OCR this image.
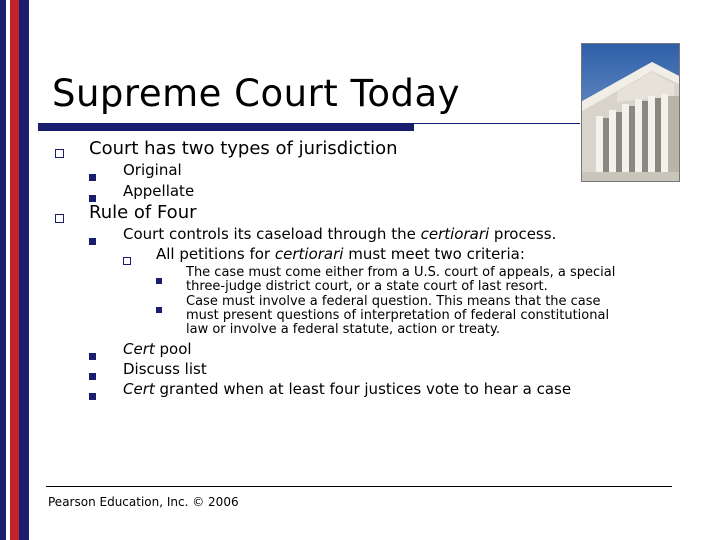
Supreme Court Today
Court has two types of jurisdiction
Original
Appellate
Rule of Four
Court controls its caseload through the certiorari process.
All petitions for certiorari must meet two criteria:
The case must come either from a U.S. court of appeals, a special
three-judge district court, or a state court of last resort.
Case must involve a federal question. This means that the case
must present questions of interpretation of federal constitutional
law or involve a federal statute, action or treaty.
Cert pool
Discuss list
Cert granted when at least four justices vote to hear a case
Pearson Education, Inc. © 2006
